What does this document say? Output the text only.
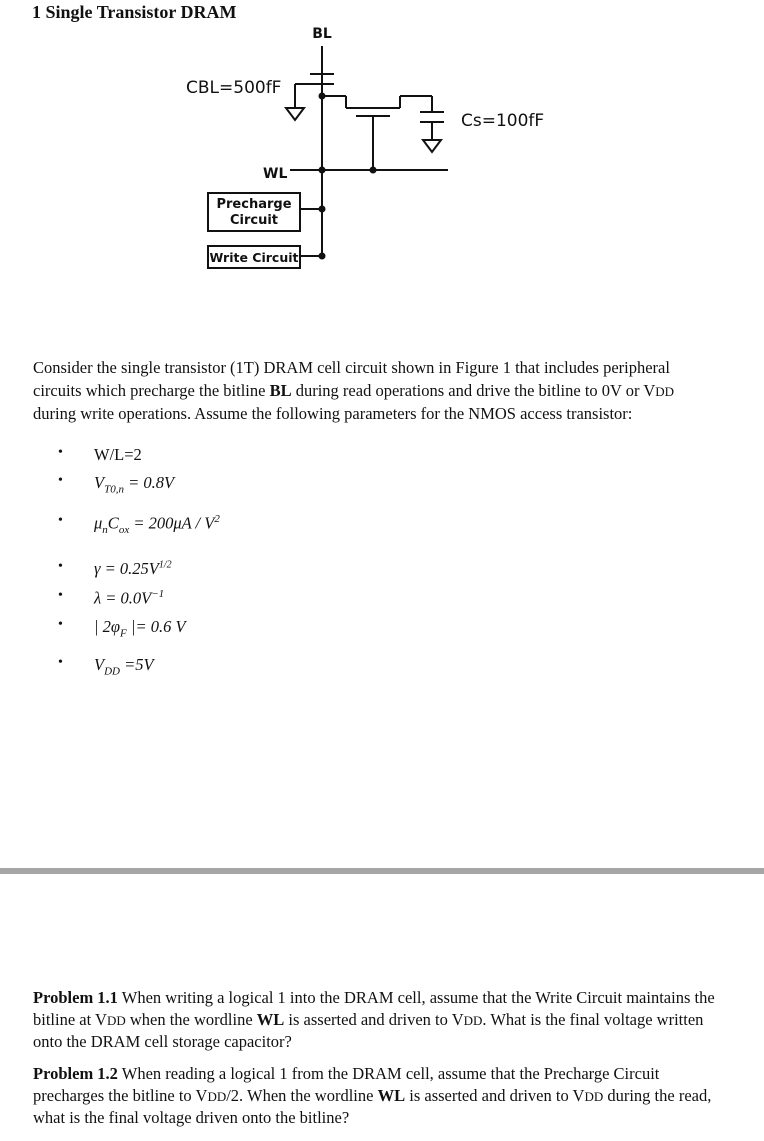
1 Single Transistor DRAM
BL
CBL=500fF
Cs=100fF
WL
Precharge
Circuit
Write Circuit

Consider the single transistor (1T) DRAM cell circuit shown in Figure 1 that includes peripheral circuits which precharge the bitline BL during read operations and drive the bitline to 0V or VDD during write operations. Assume the following parameters for the NMOS access transistor:

• W/L=2
• $V_{T0,n} = 0.8V$
• $\mu_nC_{ox} = 200\mu A / V^2$
• $\gamma = 0.25V^{1/2}$
• $\lambda = 0.0V^{-1}$
• | $2\varphi_F$ |= 0.6 V
• $V_{DD} =5V$

Problem 1.1 When writing a logical 1 into the DRAM cell, assume that the Write Circuit maintains the bitline at VDD when the wordline WL is asserted and driven to VDD. What is the final voltage written onto the DRAM cell storage capacitor?

Problem 1.2 When reading a logical 1 from the DRAM cell, assume that the Precharge Circuit precharges the bitline to VDD/2. When the wordline WL is asserted and driven to VDD during the read, what is the final voltage driven onto the bitline?
